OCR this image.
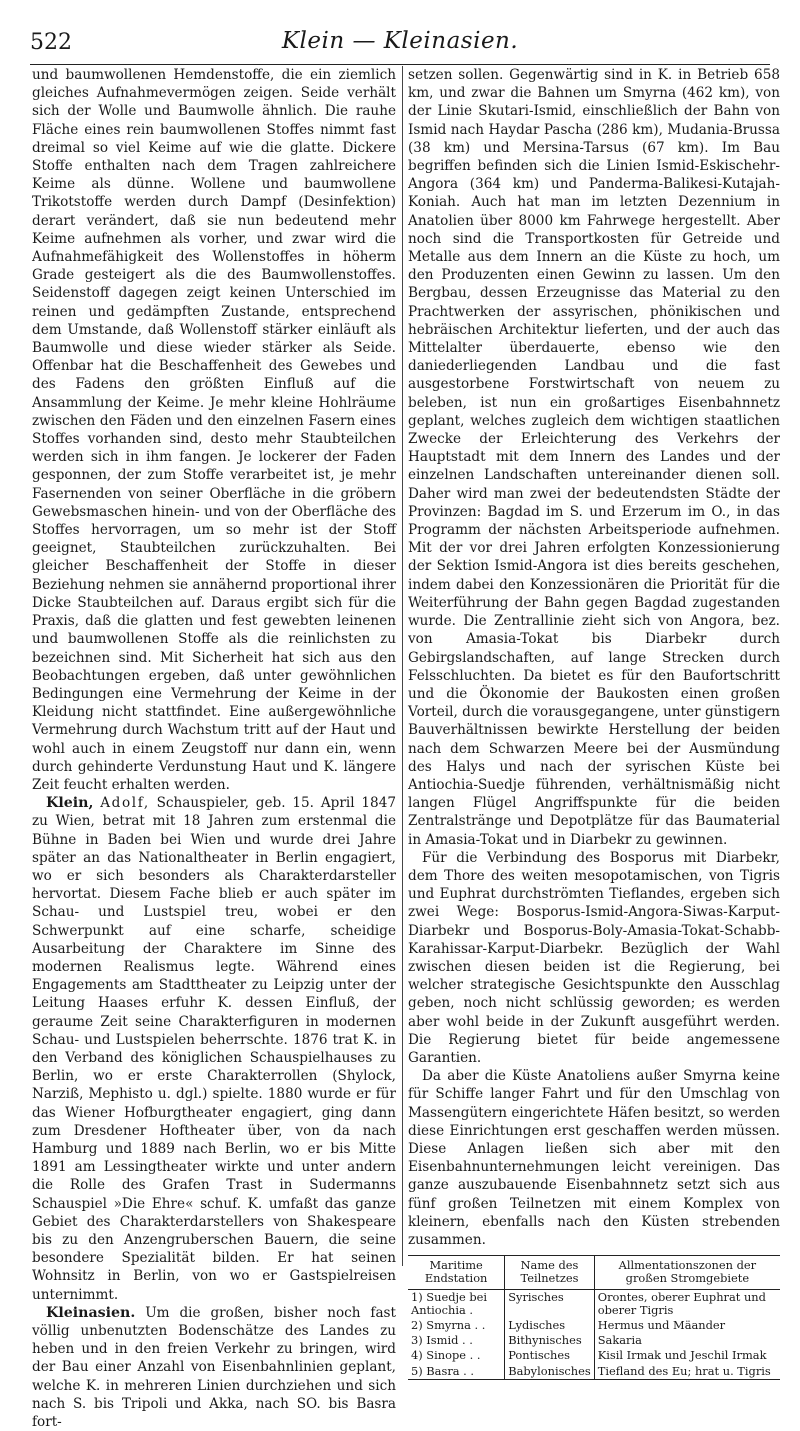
522	Klein — Kleinasien.

und baumwollenen Hemdenstoffe, die ein ziemlich gleiches Aufnahmevermögen zeigen. Seide verhält sich der Wolle und Baumwolle ähnlich. Die rauhe Fläche eines rein baumwollenen Stoffes nimmt fast dreimal so viel Keime auf wie die glatte. Dickere Stoffe enthalten nach dem Tragen zahlreichere Keime als dünne. Wollene und baumwollene Trikotstoffe werden durch Dampf (Desinfektion) derart verändert, daß sie nun bedeutend mehr Keime aufnehmen als vorher, und zwar wird die Aufnahmefähigkeit des Wollenstoffes in höherm Grade gesteigert als die des Baumwollenstoffes. Seidenstoff dagegen zeigt keinen Unterschied im reinen und gedämpften Zustande, entsprechend dem Umstande, daß Wollenstoff stärker einläuft als Baumwolle und diese wieder stärker als Seide. Offenbar hat die Beschaffenheit des Gewebes und des Fadens den größten Einfluß auf die Ansammlung der Keime. Je mehr kleine Hohlräume zwischen den Fäden und den einzelnen Fasern eines Stoffes vorhanden sind, desto mehr Staubteilchen werden sich in ihm fangen. Je lockerer der Faden gesponnen, der zum Stoffe verarbeitet ist, je mehr Fasernenden von seiner Oberfläche in die gröbern Gewebsmaschen hinein- und von der Oberfläche des Stoffes hervorragen, um so mehr ist der Stoff geeignet, Staubteilchen zurückzuhalten. Bei gleicher Beschaffenheit der Stoffe in dieser Beziehung nehmen sie annähernd proportional ihrer Dicke Staubteilchen auf. Daraus ergibt sich für die Praxis, daß die glatten und fest gewebten leinenen und baumwollenen Stoffe als die reinlichsten zu bezeichnen sind. Mit Sicherheit hat sich aus den Beobachtungen ergeben, daß unter gewöhnlichen Bedingungen eine Vermehrung der Keime in der Kleidung nicht stattfindet. Eine außergewöhnliche Vermehrung durch Wachstum tritt auf der Haut und wohl auch in einem Zeugstoff nur dann ein, wenn durch gehinderte Verdunstung Haut und K. längere Zeit feucht erhalten werden.

Klein, Adolf, Schauspieler, geb. 15. April 1847 zu Wien, betrat mit 18 Jahren zum erstenmal die Bühne in Baden bei Wien und wurde drei Jahre später an das Nationaltheater in Berlin engagiert, wo er sich besonders als Charakterdarsteller hervortat. Diesem Fache blieb er auch später im Schau- und Lustspiel treu, wobei er den Schwerpunkt auf eine scharfe, scheidige Ausarbeitung der Charaktere im Sinne des modernen Realismus legte. Während eines Engagements am Stadttheater zu Leipzig unter der Leitung Haases erfuhr K. dessen Einfluß, der geraume Zeit seine Charakterfiguren in modernen Schau- und Lustspielen beherrschte. 1876 trat K. in den Verband des königlichen Schauspielhauses zu Berlin, wo er erste Charakterrollen (Shylock, Narziß, Mephisto u. dgl.) spielte. 1880 wurde er für das Wiener Hofburgtheater engagiert, ging dann zum Dresdener Hoftheater über, von da nach Hamburg und 1889 nach Berlin, wo er bis Mitte 1891 am Lessingtheater wirkte und unter andern die Rolle des Grafen Trast in Sudermanns Schauspiel »Die Ehre« schuf. K. umfaßt das ganze Gebiet des Charakterdarstellers von Shakespeare bis zu den Anzengruberschen Bauern, die seine besondere Spezialität bilden. Er hat seinen Wohnsitz in Berlin, von wo er Gastspielreisen unternimmt.

Kleinasien. Um die großen, bisher noch fast völlig unbenutzten Bodenschätze des Landes zu heben und in den freien Verkehr zu bringen, wird der Bau einer Anzahl von Eisenbahnlinien geplant, welche K. in mehreren Linien durchziehen und sich nach S. bis Tripoli und Akka, nach SO. bis Basra fort-

setzen sollen. Gegenwärtig sind in K. in Betrieb 658 km, und zwar die Bahnen um Smyrna (462 km), von der Linie Skutari-Ismid, einschließlich der Bahn von Ismid nach Haydar Pascha (286 km), Mudania-Brussa (38 km) und Mersina-Tarsus (67 km). Im Bau begriffen befinden sich die Linien Ismid-Eskischehr-Angora (364 km) und Panderma-Balikesi-Kutajah-Koniah. Auch hat man im letzten Dezennium in Anatolien über 8000 km Fahrwege hergestellt. Aber noch sind die Transportkosten für Getreide und Metalle aus dem Innern an die Küste zu hoch, um den Produzenten einen Gewinn zu lassen. Um den Bergbau, dessen Erzeugnisse das Material zu den Prachtwerken der assyrischen, phönikischen und hebräischen Architektur lieferten, und der auch das Mittelalter überdauerte, ebenso wie den daniederliegenden Landbau und die fast ausgestorbene Forstwirtschaft von neuem zu beleben, ist nun ein großartiges Eisenbahnnetz geplant, welches zugleich dem wichtigen staatlichen Zwecke der Erleichterung des Verkehrs der Hauptstadt mit dem Innern des Landes und der einzelnen Landschaften untereinander dienen soll. Daher wird man zwei der bedeutendsten Städte der Provinzen: Bagdad im S. und Erzerum im O., in das Programm der nächsten Arbeitsperiode aufnehmen. Mit der vor drei Jahren erfolgten Konzessionierung der Sektion Ismid-Angora ist dies bereits geschehen, indem dabei den Konzessionären die Priorität für die Weiterführung der Bahn gegen Bagdad zugestanden wurde. Die Zentrallinie zieht sich von Angora, bez. von Amasia-Tokat bis Diarbekr durch Gebirgslandschaften, auf lange Strecken durch Felsschluchten. Da bietet es für den Baufortschritt und die Ökonomie der Baukosten einen großen Vorteil, durch die vorausgegangene, unter günstigern Bauverhältnissen bewirkte Herstellung der beiden nach dem Schwarzen Meere bei der Ausmündung des Halys und nach der syrischen Küste bei Antiochia-Suedje führenden, verhältnismäßig nicht langen Flügel Angriffspunkte für die beiden Zentralstränge und Depotplätze für das Baumaterial in Amasia-Tokat und in Diarbekr zu gewinnen.

Für die Verbindung des Bosporus mit Diarbekr, dem Thore des weiten mesopotamischen, von Tigris und Euphrat durchströmten Tieflandes, ergeben sich zwei Wege: Bosporus-Ismid-Angora-Siwas-Karput-Diarbekr und Bosporus-Boly-Amasia-Tokat-Schabb-Karahissar-Karput-Diarbekr. Bezüglich der Wahl zwischen diesen beiden ist die Regierung, bei welcher strategische Gesichtspunkte den Ausschlag geben, noch nicht schlüssig geworden; es werden aber wohl beide in der Zukunft ausgeführt werden. Die Regierung bietet für beide angemessene Garantien.

Da aber die Küste Anatoliens außer Smyrna keine für Schiffe langer Fahrt und für den Umschlag von Massengütern eingerichtete Häfen besitzt, so werden diese Einrichtungen erst geschaffen werden müssen. Diese Anlagen ließen sich aber mit den Eisenbahnunternehmungen leicht vereinigen. Das ganze auszubauende Eisenbahnnetz setzt sich aus fünf großen Teilnetzen mit einem Komplex von kleinern, ebenfalls nach den Küsten strebenden zusammen.

Maritime Endstation	Name des Teilnetzes	Allmentationszonen der großen Stromgebiete
1) Suedje bei Antiochia .	Syrisches	Orontes, oberer Euphrat und oberer Tigris
2) Smyrna . .	Lydisches	Hermus und Mäander
3) Ismid . .	Bithynisches	Sakaria
4) Sinope . .	Pontisches	Kisil Irmak und Jeschil Irmak
5) Basra . .	Babylonisches	Tiefland des Eu; hrat u. Tigris
